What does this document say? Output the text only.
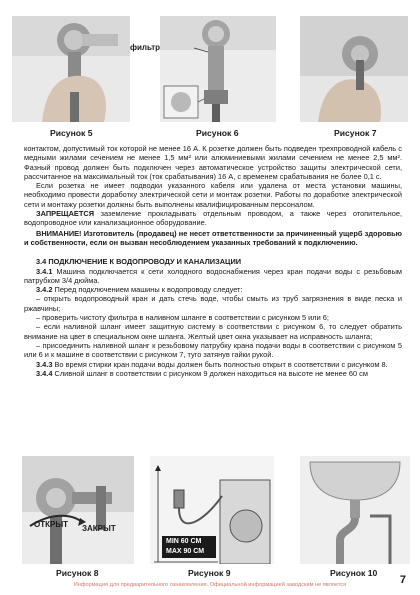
Рисунок 5
фильтр
Рисунок 6	Рисунок 7

контактом, допустимый ток которой не менее 16 А. К розетке должен быть подведен трехпроводной кабель с медными жилами сечением не менее 1,5 мм² или алюминиевыми жилами сечением не менее 2,5 мм². Фазный провод должен быть подключен через автоматическое устройство защиты электрической сети, рассчитанное на максимальный ток (ток срабатывания) 16 А, с временем срабатывания не более 0,1 с.

Если розетка не имеет подводки указанного кабеля или удалена от места установки машины, необходимо провести доработку электрической сети и монтаж розетки. Работы по доработке электрической сети и монтажу розетки должны быть выполнены квалифицированным персоналом.

ЗАПРЕЩАЕТСЯ заземление прокладывать отдельным проводом, а также через отопительное, водопроводное или канализационное оборудование.

ВНИМАНИЕ! Изготовитель (продавец) не несет ответственности за причиненный ущерб здоровью и собственности, если он вызван несоблюдением указанных требований к подключению.

3.4 ПОДКЛЮЧЕНИЕ К ВОДОПРОВОДУ И КАНАЛИЗАЦИИ

3.4.1 Машина подключается к сети холодного водоснабжения через кран подачи воды с резьбовым патрубком 3/4 дюйма.

3.4.2 Перед подключением машины к водопроводу следует:

– открыть водопроводный кран и дать стечь воде, чтобы смыть из труб загрязнения в виде песка и ржавчины;

– проверить чистоту фильтра в наливном шланге в соответствии с рисунком 5 или 6;

– если наливной шланг имеет защитную систему в соответствии с рисунком 6, то следует обратить внимание на цвет в специальном окне шланга. Желтый цвет окна указывает на исправность шланга;

– присоединить наливной шланг к резьбовому патрубку крана подачи воды в соответствии с рисунком 5 или 6 и к машине в соответствии с рисунком 7, туго затянув гайки рукой.

3.4.3 Во время стирки кран подачи воды должен быть полностью открыт в соответствии с рисунком 8.

3.4.4 Сливной шланг в соответствии с рисунком 9 должен находиться на высоте не менее 60 см

ОТКРЫТ ЗАКРЫТ
Рисунок 8
MIN 60 CM
MAX 90 CM
Рисунок 9	Рисунок 10
7
Информация для предварительного ознакомления. Официальной информацией заводским не является
